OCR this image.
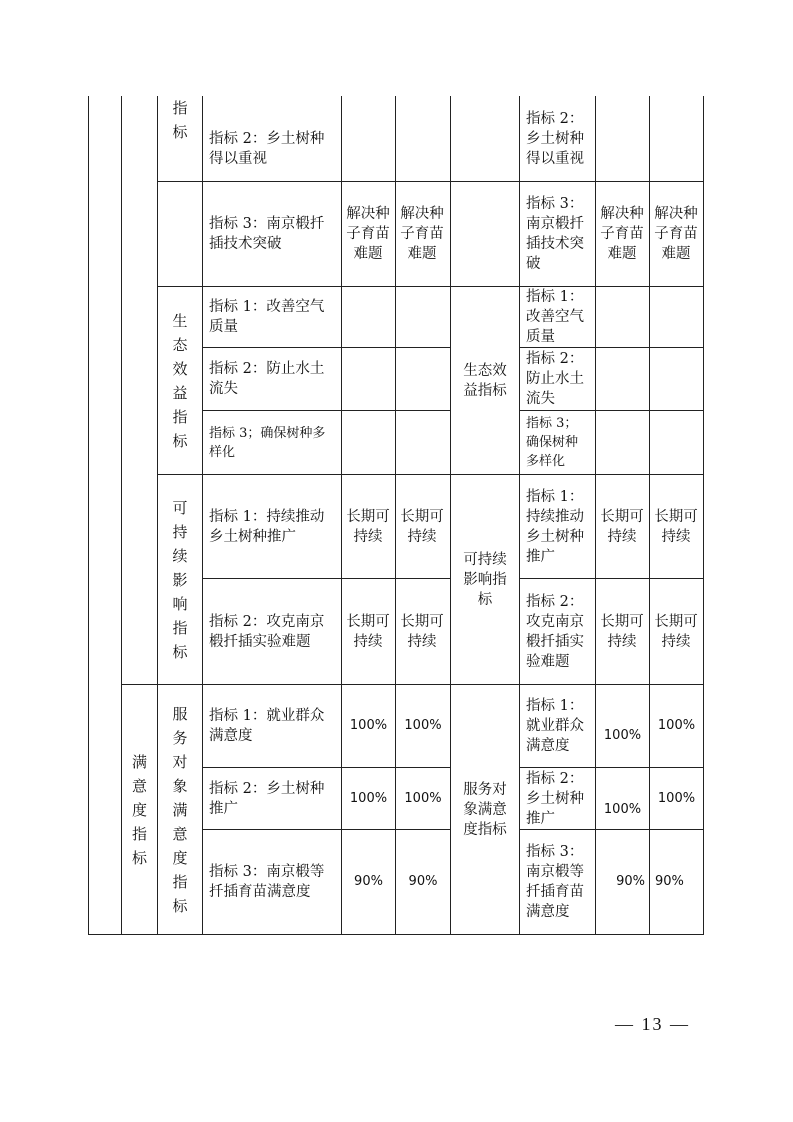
满意度指标
指标
生态效益指标
可持续影响指标
服务对象满意度指标
生态效益指标
可持续影响指标
服务对象满意度指标
指标 2：乡土树种得以重视
指标 2：乡土树种得以重视
指标 3：南京椴扦插技术突破
解决种子育苗难题
解决种子育苗难题
指标 3：南京椴扦插技术突破
解决种子育苗难题
解决种子育苗难题
指标 1：改善空气质量
指标 1：改善空气质量
指标 2：防止水土流失
指标 2：防止水土流失
指标 3；确保树种多样化
指标 3；确保树种多样化
指标 1：持续推动乡土树种推广
长期可持续
长期可持续
指标 1：持续推动乡土树种推广
长期可持续
长期可持续
指标 2：攻克南京椴扦插实验难题
长期可持续
长期可持续
指标 2：攻克南京椴扦插实验难题
长期可持续
长期可持续
指标 1：就业群众满意度
100% 100%
指标 1：就业群众满意度
100%
100%
指标 2：乡土树种推广
100% 100%
指标 2：乡土树种推广
100%
100%
指标 3：南京椴等扦插育苗满意度
90% 90%
指标 3：南京椴等扦插育苗满意度
90% 90%
— 13 —
